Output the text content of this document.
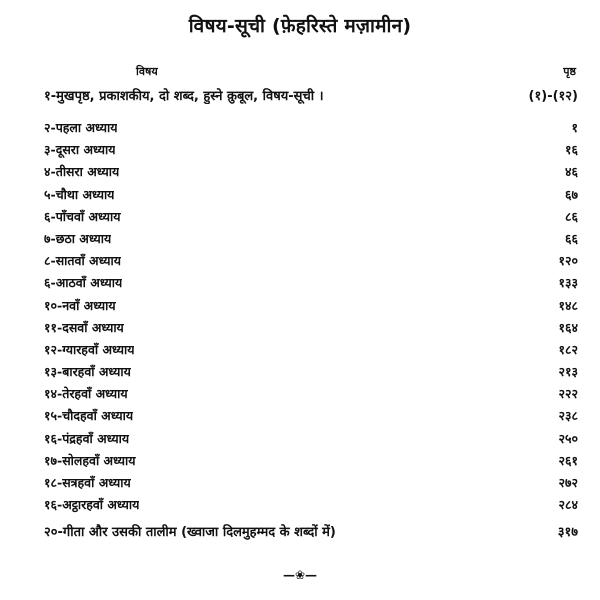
विषय-सूची (फ़ेहरिस्ते मज़ामीन)
विषय	पृष्ठ
१-मुखपृष्ठ, प्रकाशकीय, दो शब्द, हुस्ने क़ुबूल, विषय-सूची ।	(१)-(१२)
२-पहला अध्याय	१
३-दूसरा अध्याय	१६
४-तीसरा अध्याय	४६
५-चौथा अध्याय	६७
६-पाँचवाँ अध्याय	८६
७-छठा अध्याय	६६
८-सातवाँ अध्याय	१२०
६-आठवाँ अध्याय	१३३
१०-नवाँ अध्याय	१४८
११-दसवाँ अध्याय	१६४
१२-ग्यारहवाँ अध्याय	१८२
१३-बारहवाँ अध्याय	२१३
१४-तेरहवाँ अध्याय	२२२
१५-चौदहवाँ अध्याय	२३८
१६-पंद्रहवाँ अध्याय	२५०
१७-सोलहवाँ अध्याय	२६१
१८-सत्रहवाँ अध्याय	२७२
१६-अट्ठारहवाँ अध्याय	२८४
२०-गीता और उसकी तालीम (ख्वाजा दिलमुहम्मद के शब्दों में)	३१७
—❀—
